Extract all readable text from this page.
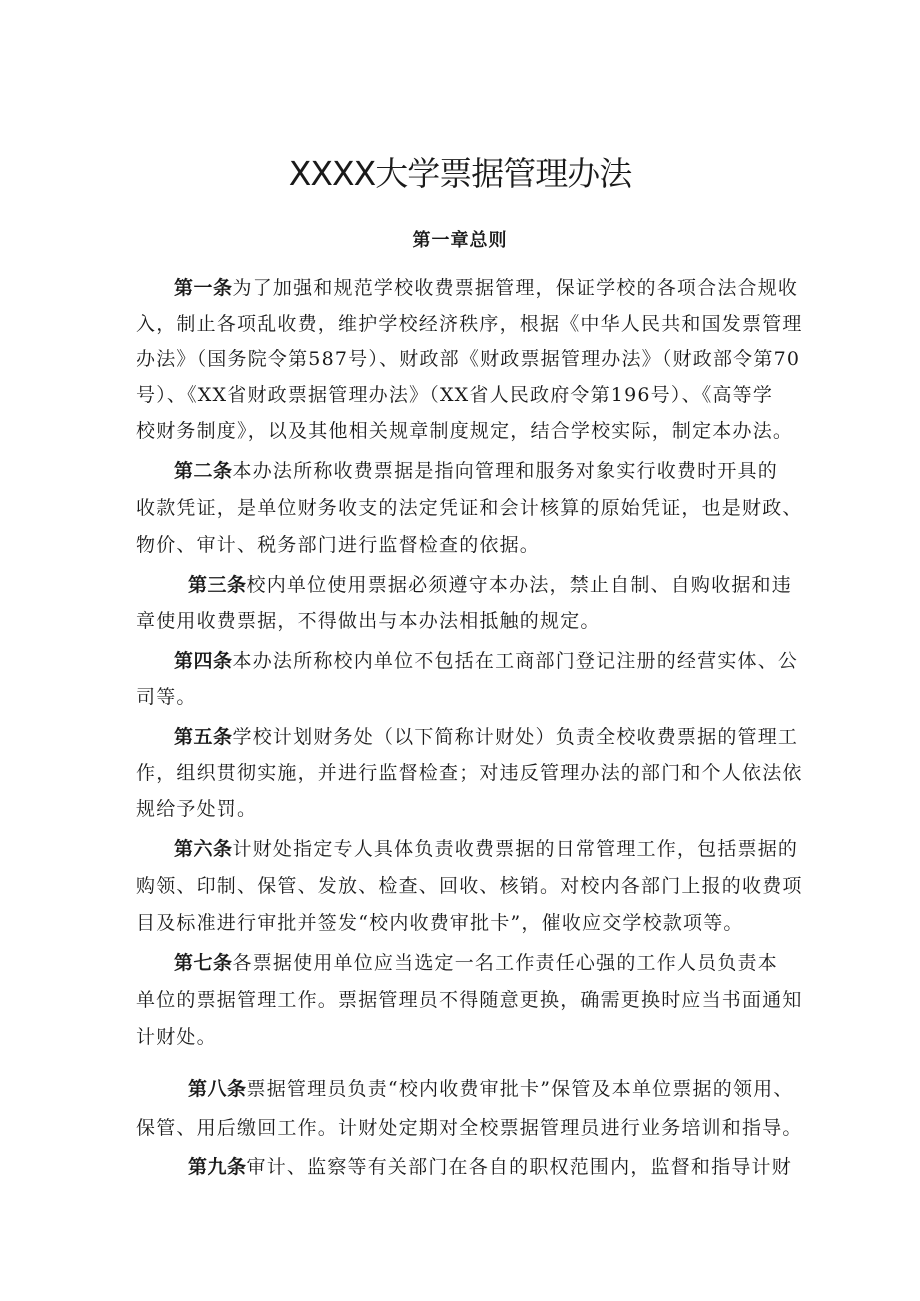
XXXX大学票据管理办法
第一章总则
第一条为了加强和规范学校收费票据管理，保证学校的各项合法合规收
入，制止各项乱收费，维护学校经济秩序，根据《中华人民共和国发票管理
办法》（国务院令第587号）、财政部《财政票据管理办法》（财政部令第70
号）、《XX省财政票据管理办法》（XX省人民政府令第196号）、《高等学
校财务制度》，以及其他相关规章制度规定，结合学校实际，制定本办法。
第二条本办法所称收费票据是指向管理和服务对象实行收费时开具的
收款凭证，是单位财务收支的法定凭证和会计核算的原始凭证，也是财政、
物价、审计、税务部门进行监督检查的依据。
第三条校内单位使用票据必须遵守本办法，禁止自制、自购收据和违
章使用收费票据，不得做出与本办法相抵触的规定。
第四条本办法所称校内单位不包括在工商部门登记注册的经营实体、公
司等。
第五条学校计划财务处（以下简称计财处）负责全校收费票据的管理工
作，组织贯彻实施，并进行监督检查；对违反管理办法的部门和个人依法依
规给予处罚。
第六条计财处指定专人具体负责收费票据的日常管理工作，包括票据的
购领、印制、保管、发放、检查、回收、核销。对校内各部门上报的收费项
目及标准进行审批并签发“校内收费审批卡”，催收应交学校款项等。
第七条各票据使用单位应当选定一名工作责任心强的工作人员负责本
单位的票据管理工作。票据管理员不得随意更换，确需更换时应当书面通知
计财处。
第八条票据管理员负责“校内收费审批卡”保管及本单位票据的领用、
保管、用后缴回工作。计财处定期对全校票据管理员进行业务培训和指导。
第九条审计、监察等有关部门在各自的职权范围内，监督和指导计财
